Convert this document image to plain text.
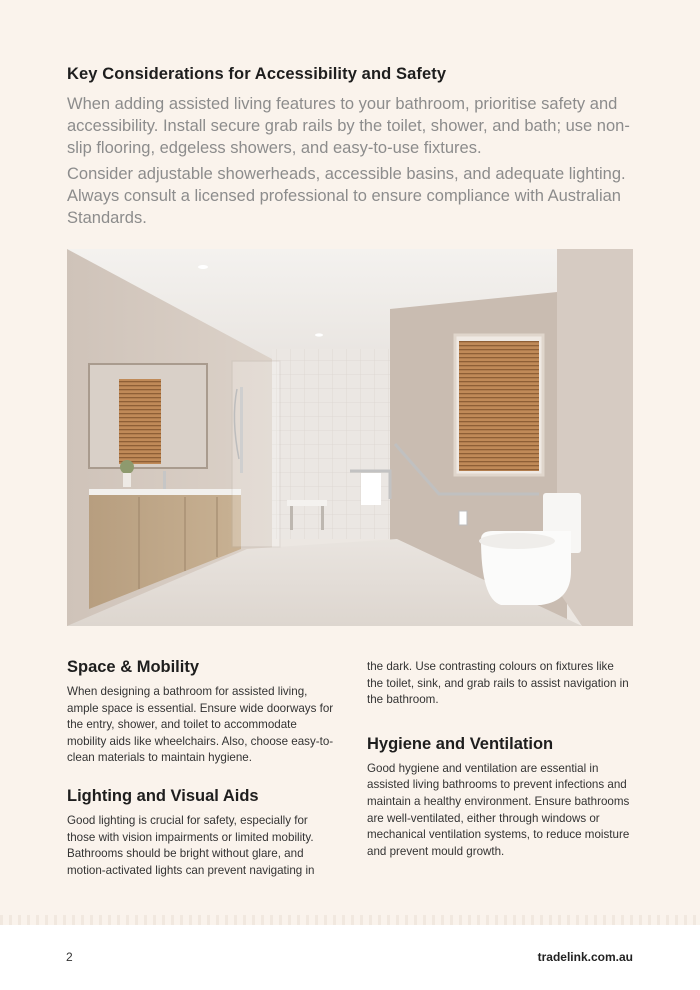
Key Considerations for Accessibility and Safety

When adding assisted living features to your bathroom, prioritise safety and accessibility. Install secure grab rails by the toilet, shower, and bath; use non-slip flooring, edgeless showers, and easy-to-use fixtures.

Consider adjustable showerheads, accessible basins, and adequate lighting. Always consult a licensed professional to ensure compliance with Australian Standards.

Space & Mobility

When designing a bathroom for assisted living, ample space is essential. Ensure wide doorways for the entry, shower, and toilet to accommodate mobility aids like wheelchairs. Also, choose easy-to-clean materials to maintain hygiene.

Lighting and Visual Aids

Good lighting is crucial for safety, especially for those with vision impairments or limited mobility. Bathrooms should be bright without glare, and motion-activated lights can prevent navigating in

the dark. Use contrasting colours on fixtures like the toilet, sink, and grab rails to assist navigation in the bathroom.

Hygiene and Ventilation

Good hygiene and ventilation are essential in assisted living bathrooms to prevent infections and maintain a healthy environment. Ensure bathrooms are well-ventilated, either through windows or mechanical ventilation systems, to reduce moisture and prevent mould growth.

2	tradelink.com.au
